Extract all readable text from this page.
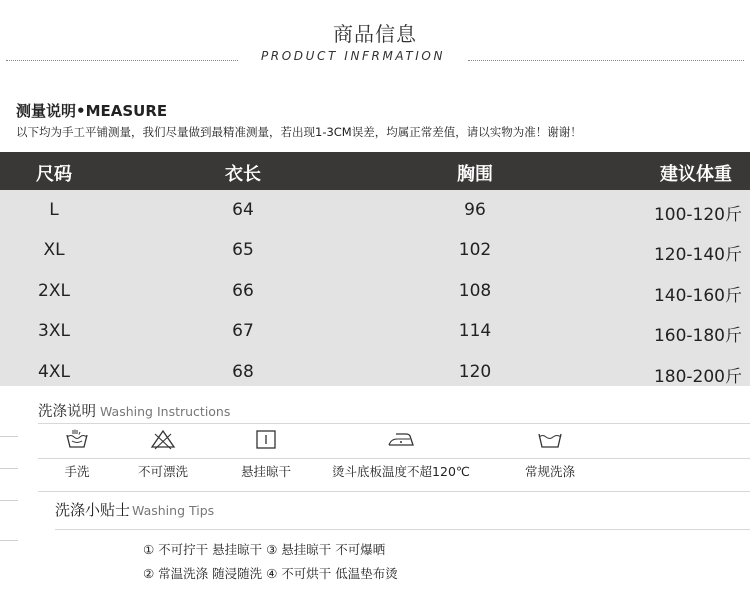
商品信息
PRODUCT INFRMATION
测量说明•MEASURE
以下均为手工平铺测量，我们尽量做到最精准测量，若出现1-3CM误差，均属正常差值，请以实物为准！谢谢！
尺码	衣长	胸围	建议体重
L	64	96	100-120斤
XL	65	102	120-140斤
2XL	66	108	140-160斤
3XL	67	114	160-180斤
4XL	68	120	180-200斤
洗涤说明 Washing Instructions
手洗	不可漂洗	悬挂晾干	烫斗底板温度不超120℃	常规洗涤
洗涤小贴士 Washing Tips
① 不可拧干 悬挂晾干 ③ 悬挂晾干 不可爆晒
② 常温洗涤 随浸随洗 ④ 不可烘干 低温垫布烫
